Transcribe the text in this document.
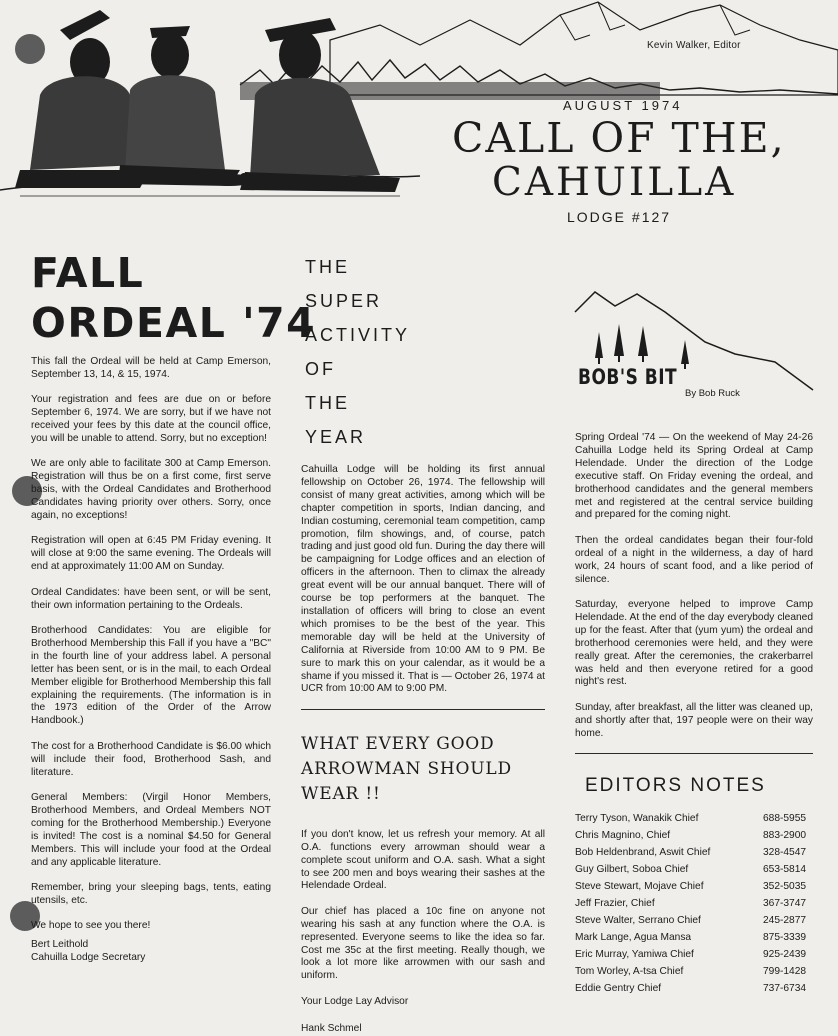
Kevin Walker, Editor
AUGUST 1974
CALL OF THE,
CAHUILLA
LODGE #127
FALL
ORDEAL '74

This fall the Ordeal will be held at Camp Emerson, September 13, 14, & 15, 1974.

Your registration and fees are due on or before September 6, 1974. We are sorry, but if we have not received your fees by this date at the council office, you will be unable to attend. Sorry, but no exception!

We are only able to facilitate 300 at Camp Emerson. Registration will thus be on a first come, first serve basis, with the Ordeal Candidates and Brotherhood Candidates having priority over others. Sorry, once again, no exceptions!

Registration will open at 6:45 PM Friday evening. It will close at 9:00 the same evening. The Ordeals will end at approximately 11:00 AM on Sunday.

Ordeal Candidates: have been sent, or will be sent, their own information pertaining to the Ordeals.

Brotherhood Candidates: You are eligible for Brotherhood Membership this Fall if you have a "BC" in the fourth line of your address label. A personal letter has been sent, or is in the mail, to each Ordeal Member eligible for Brotherhood Membership this fall explaining the requirements. (The information is in the 1973 edition of the Order of the Arrow Handbook.)

The cost for a Brotherhood Candidate is $6.00 which will include their food, Brotherhood Sash, and literature.

General Members: (Virgil Honor Members, Brotherhood Members, and Ordeal Members NOT coming for the Brotherhood Membership.) Everyone is invited! The cost is a nominal $4.50 for General Members. This will include your food at the Ordeal and any applicable literature.

Remember, bring your sleeping bags, tents, eating utensils, etc.

We hope to see you there!

Bert Leithold
Cahuilla Lodge Secretary
THE
SUPER
ACTIVITY
OF
THE
YEAR

Cahuilla Lodge will be holding its first annual fellowship on October 26, 1974. The fellowship will consist of many great activities, among which will be chapter competition in sports, Indian dancing, and Indian costuming, ceremonial team competition, camp promotion, film showings, and, of course, patch trading and just good old fun. During the day there will be campaigning for Lodge offices and an election of officers in the afternoon. Then to climax the already great event will be our annual banquet. There will of course be top performers at the banquet. The installation of officers will bring to close an event which promises to be the best of the year. This memorable day will be held at the University of California at Riverside from 10:00 AM to 9 PM. Be sure to mark this on your calendar, as it would be a shame if you missed it. That is — October 26, 1974 at UCR from 10:00 AM to 9:00 PM.

WHAT EVERY GOOD ARROWMAN SHOULD WEAR !!

If you don't know, let us refresh your memory. At all O.A. functions every arrowman should wear a complete scout uniform and O.A. sash. What a sight to see 200 men and boys wearing their sashes at the Helendade Ordeal.

Our chief has placed a 10c fine on anyone not wearing his sash at any function where the O.A. is represented. Everyone seems to like the idea so far. Cost me 35c at the first meeting. Really though, we look a lot more like arrowmen with our sash and uniform.

Your Lodge Lay Advisor
Hank Schmel
BOB'S BIT
By Bob Ruck

Spring Ordeal '74 — On the weekend of May 24-26 Cahuilla Lodge held its Spring Ordeal at Camp Helendade. Under the direction of the Lodge executive staff. On Friday evening the ordeal, and brotherhood candidates and the general members met and registered at the central service building and prepared for the coming night.

Then the ordeal candidates began their four-fold ordeal of a night in the wilderness, a day of hard work, 24 hours of scant food, and a like period of silence.

Saturday, everyone helped to improve Camp Helendade. At the end of the day everybody cleaned up for the feast. After that (yum yum) the ordeal and brotherhood ceremonies were held, and they were really great. After the ceremonies, the crakerbarrel was held and then everyone retired for a good night's rest.

Sunday, after breakfast, all the litter was cleaned up, and shortly after that, 197 people were on their way home.

EDITORS NOTES
Terry Tyson, Wanakik Chief	688-5955
Chris Magnino, Chief	883-2900
Bob Heldenbrand, Aswit Chief	328-4547
Guy Gilbert, Soboa Chief	653-5814
Steve Stewart, Mojave Chief	352-5035
Jeff Frazier, Chief	367-3747
Steve Walter, Serrano Chief	245-2877
Mark Lange, Agua Mansa	875-3339
Eric Murray, Yamiwa Chief	925-2439
Tom Worley, A-tsa Chief	799-1428
Eddie Gentry Chief	737-6734
